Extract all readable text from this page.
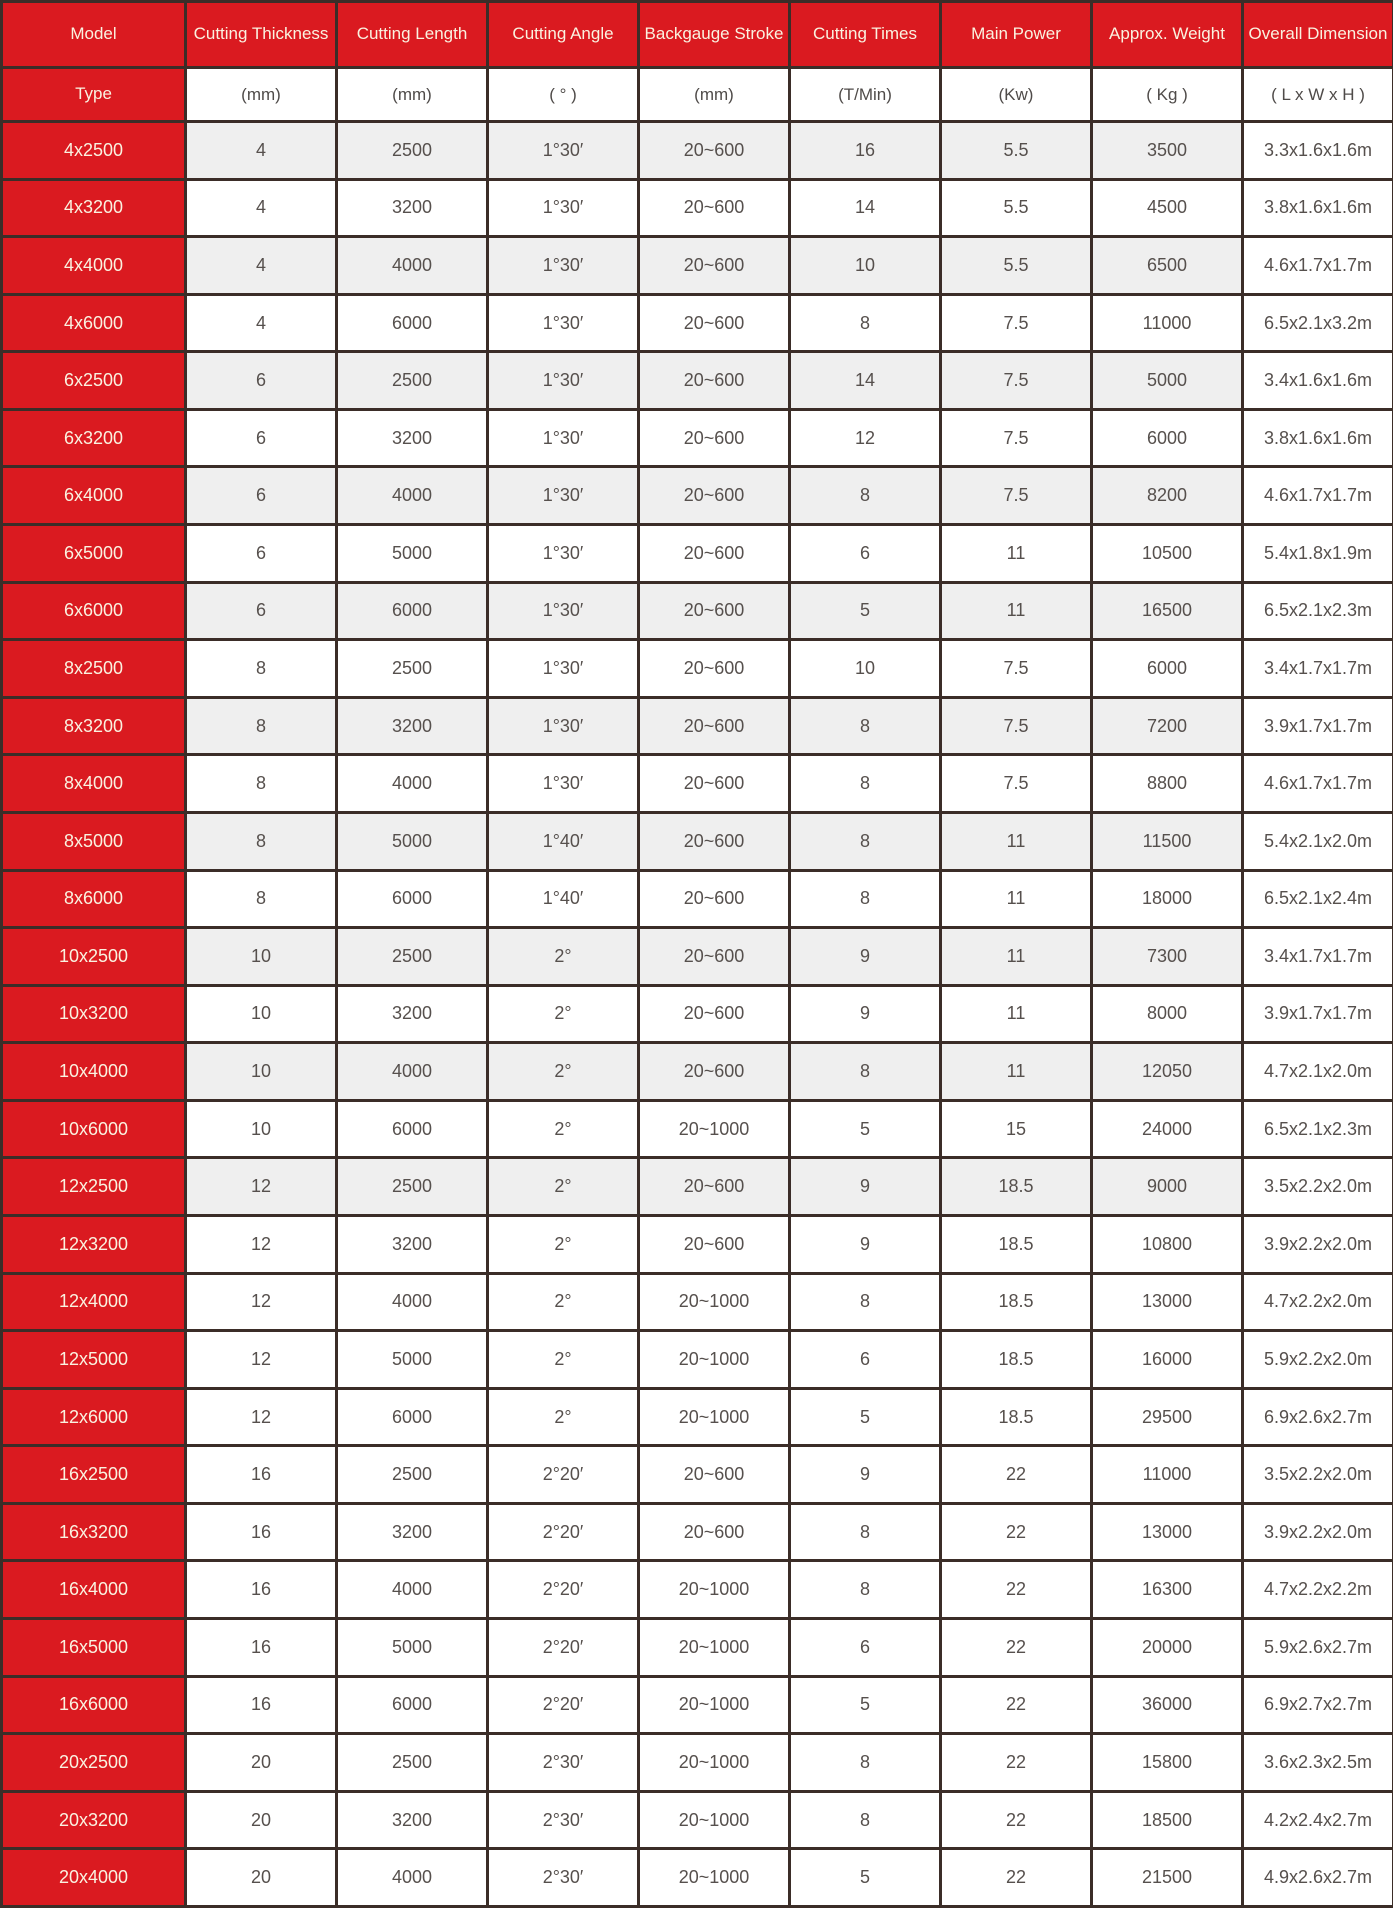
Model	Cutting Thickness	Cutting Length	Cutting Angle	Backgauge Stroke	Cutting Times	Main Power	Approx. Weight	Overall Dimension
Type	(mm)	(mm)	( ° )	(mm)	(T/Min)	(Kw)	( Kg )	( L x W x H )
4x2500	4	2500	1°30′	20~600	16	5.5	3500	3.3x1.6x1.6m
4x3200	4	3200	1°30′	20~600	14	5.5	4500	3.8x1.6x1.6m
4x4000	4	4000	1°30′	20~600	10	5.5	6500	4.6x1.7x1.7m
4x6000	4	6000	1°30′	20~600	8	7.5	11000	6.5x2.1x3.2m
6x2500	6	2500	1°30′	20~600	14	7.5	5000	3.4x1.6x1.6m
6x3200	6	3200	1°30′	20~600	12	7.5	6000	3.8x1.6x1.6m
6x4000	6	4000	1°30′	20~600	8	7.5	8200	4.6x1.7x1.7m
6x5000	6	5000	1°30′	20~600	6	11	10500	5.4x1.8x1.9m
6x6000	6	6000	1°30′	20~600	5	11	16500	6.5x2.1x2.3m
8x2500	8	2500	1°30′	20~600	10	7.5	6000	3.4x1.7x1.7m
8x3200	8	3200	1°30′	20~600	8	7.5	7200	3.9x1.7x1.7m
8x4000	8	4000	1°30′	20~600	8	7.5	8800	4.6x1.7x1.7m
8x5000	8	5000	1°40′	20~600	8	11	11500	5.4x2.1x2.0m
8x6000	8	6000	1°40′	20~600	8	11	18000	6.5x2.1x2.4m
10x2500	10	2500	2°	20~600	9	11	7300	3.4x1.7x1.7m
10x3200	10	3200	2°	20~600	9	11	8000	3.9x1.7x1.7m
10x4000	10	4000	2°	20~600	8	11	12050	4.7x2.1x2.0m
10x6000	10	6000	2°	20~1000	5	15	24000	6.5x2.1x2.3m
12x2500	12	2500	2°	20~600	9	18.5	9000	3.5x2.2x2.0m
12x3200	12	3200	2°	20~600	9	18.5	10800	3.9x2.2x2.0m
12x4000	12	4000	2°	20~1000	8	18.5	13000	4.7x2.2x2.0m
12x5000	12	5000	2°	20~1000	6	18.5	16000	5.9x2.2x2.0m
12x6000	12	6000	2°	20~1000	5	18.5	29500	6.9x2.6x2.7m
16x2500	16	2500	2°20′	20~600	9	22	11000	3.5x2.2x2.0m
16x3200	16	3200	2°20′	20~600	8	22	13000	3.9x2.2x2.0m
16x4000	16	4000	2°20′	20~1000	8	22	16300	4.7x2.2x2.2m
16x5000	16	5000	2°20′	20~1000	6	22	20000	5.9x2.6x2.7m
16x6000	16	6000	2°20′	20~1000	5	22	36000	6.9x2.7x2.7m
20x2500	20	2500	2°30′	20~1000	8	22	15800	3.6x2.3x2.5m
20x3200	20	3200	2°30′	20~1000	8	22	18500	4.2x2.4x2.7m
20x4000	20	4000	2°30′	20~1000	5	22	21500	4.9x2.6x2.7m
